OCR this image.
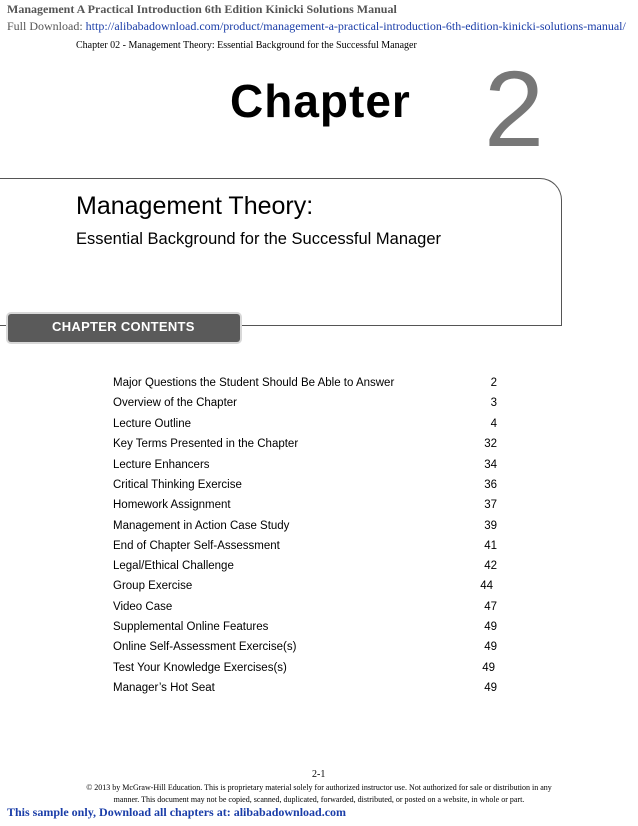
Management A Practical Introduction 6th Edition Kinicki Solutions Manual
Full Download: http://alibabadownload.com/product/management-a-practical-introduction-6th-edition-kinicki-solutions-manual/
Chapter 02 - Management Theory: Essential Background for the Successful Manager
Chapter 2
Management Theory:
Essential Background for the Successful Manager
CHAPTER CONTENTS
Major Questions the Student Should Be Able to Answer	2
Overview of the Chapter	3
Lecture Outline	4
Key Terms Presented in the Chapter	32
Lecture Enhancers	34
Critical Thinking Exercise	36
Homework Assignment	37
Management in Action Case Study	39
End of Chapter Self-Assessment	41
Legal/Ethical Challenge	42
Group Exercise	44
Video Case	47
Supplemental Online Features	49
Online Self-Assessment Exercise(s)	49
Test Your Knowledge Exercises(s)	49
Manager’s Hot Seat	49
2-1
© 2013 by McGraw-Hill Education. This is proprietary material solely for authorized instructor use. Not authorized for sale or distribution in any
manner. This document may not be copied, scanned, duplicated, forwarded, distributed, or posted on a website, in whole or part.
This sample only, Download all chapters at: alibabadownload.com
